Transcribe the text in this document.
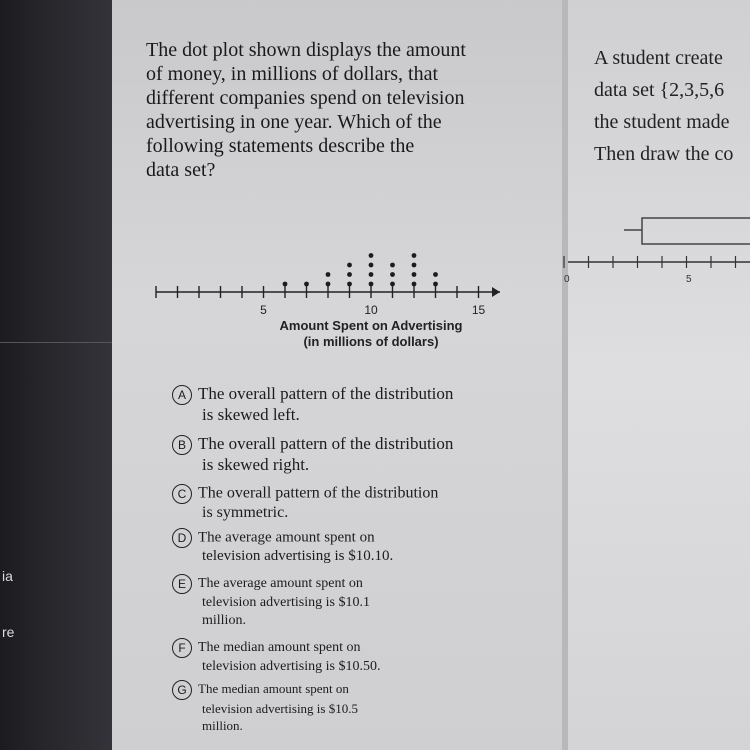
ia
re
The dot plot shown displays the amount
of money, in millions of dollars, that
different companies spend on television
advertising in one year. Which of the
following statements describe the
data set?
5	10	15
Amount Spent on Advertising
(in millions of dollars)
A The overall pattern of the distribution
is skewed left.
B The overall pattern of the distribution
is skewed right.
C The overall pattern of the distribution
is symmetric.
D The average amount spent on
television advertising is $10.10.
E The average amount spent on
television advertising is $10.1
million.
F The median amount spent on
television advertising is $10.50.
G The median amount spent on
television advertising is $10.5
million.
A student create
data set {2,3,5,6
the student made
Then draw the co
0	5
